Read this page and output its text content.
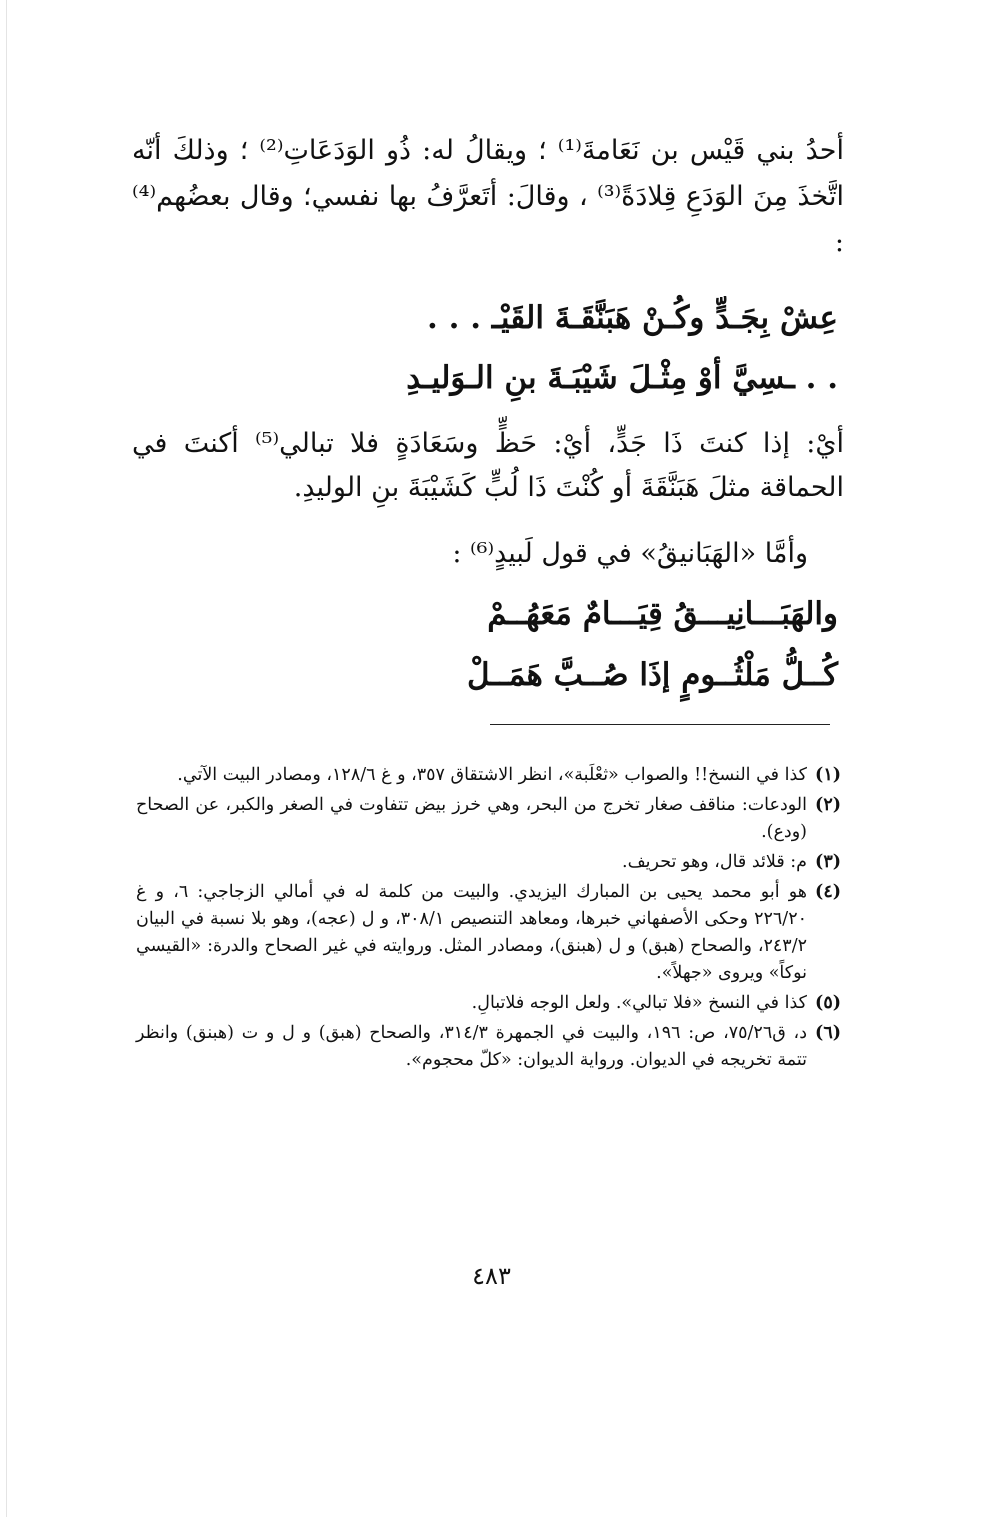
أحدُ بني قَيْس بن نَعَامةَ⁽¹⁾ ؛ ويقالُ له: ذُو الوَدَعَاتِ⁽²⁾ ؛ وذلكَ أنّه اتَّخذَ مِنَ الوَدَعِ قِلادَةً⁽³⁾ ، وقالَ: أتَعرَّفُ بها نفسي؛ وقال بعضُهم⁽⁴⁾ :

عِشْ بِجَـدٍّ وكُـنْ هَبَنَّقَـةَ القَيْـ . . .
. . ـسِيَّ أوْ مِثْـلَ شَيْبَـةَ بنِ الـوَليـدِ

أيْ: إذا كنتَ ذَا جَدٍّ، أيْ: حَظٍّ وسَعَادَةٍ فلا تبالي⁽⁵⁾ أكنتَ في الحماقة مثلَ هَبَنَّقَةَ أو كُنْتَ ذَا لُبٍّ كَشَيْبَةَ بنِ الوليدِ.

وأمَّا «الهَبَانيقُ» في قول لَبيدٍ⁽⁶⁾ :
والهَبَـــانِيـــقُ قِيَـــامٌ مَعَهُــمْ
كُــلُّ مَلْثُــومٍ إذَا صُــبَّ هَمَــلْ
(١)
كذا في النسخ!! والصواب «ثعْلَبة»، انظر الاشتقاق ٣٥٧، و غ ١٢٨/٦، ومصادر البيت الآتي.
(٢)
الودعات: مناقف صغار تخرج من البحر، وهي خرز بيض تتفاوت في الصغر والكبر، عن الصحاح (ودع).
(٣)
م: قلائد قال، وهو تحريف.
(٤)
هو أبو محمد يحيى بن المبارك اليزيدي. والبيت من كلمة له في أمالي الزجاجي: ٦، و غ ٢٢٦/٢٠ وحكى الأصفهاني خبرها، ومعاهد التنصيص ٣٠٨/١، و ل (عجه)، وهو بلا نسبة في البيان ٢٤٣/٢، والصحاح (هبق) و ل (هبنق)، ومصادر المثل. وروايته في غير الصحاح والدرة: «القيسي نوكاً» ويروى «جهلاً».
(٥)
كذا في النسخ «فلا تبالي». ولعل الوجه فلاتبالِ.
(٦)
د، ق٧٥/٢٦، ص: ١٩٦، والبيت في الجمهرة ٣١٤/٣، والصحاح (هبق) و ل و ت (هبنق) وانظر تتمة تخريجه في الديوان. ورواية الديوان: «كلّ محجوم».
٤٨٣
